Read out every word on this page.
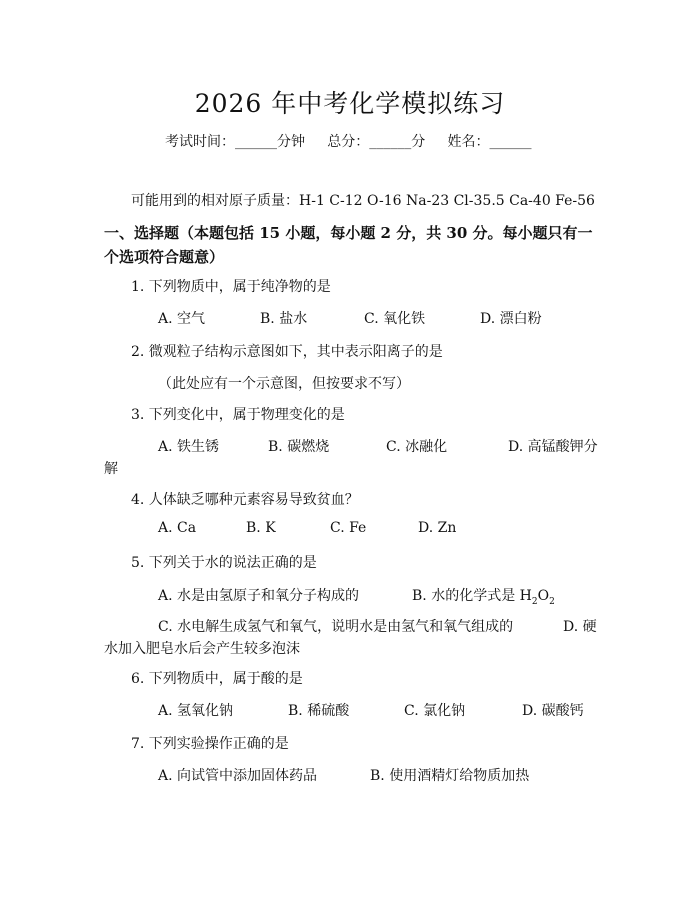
2026 年中考化学模拟练习
考试时间：______分钟 总分：______分 姓名：______
可能用到的相对原子质量：H-1 C-12 O-16 Na-23 Cl-35.5 Ca-40 Fe-56
一、选择题（本题包括 15 小题，每小题 2 分，共 30 分。每小题只有一个选项符合题意）
1. 下列物质中，属于纯净物的是
A. 空气	B. 盐水	C. 氧化铁	D. 漂白粉
2. 微观粒子结构示意图如下，其中表示阳离子的是
（此处应有一个示意图，但按要求不写）
3. 下列变化中，属于物理变化的是
A. 铁生锈	B. 碳燃烧	C. 冰融化	D. 高锰酸钾分
解
4. 人体缺乏哪种元素容易导致贫血？
A. Ca	B. K	C. Fe	D. Zn
5. 下列关于水的说法正确的是
A. 水是由氢原子和氧分子构成的	B. 水的化学式是 $H_2O_2$
C. 水电解生成氢气和氧气，说明水是由氢气和氧气组成的	D. 硬
水加入肥皂水后会产生较多泡沫
6. 下列物质中，属于酸的是
A. 氢氧化钠	B. 稀硫酸	C. 氯化钠	D. 碳酸钙
7. 下列实验操作正确的是
A. 向试管中添加固体药品	B. 使用酒精灯给物质加热
